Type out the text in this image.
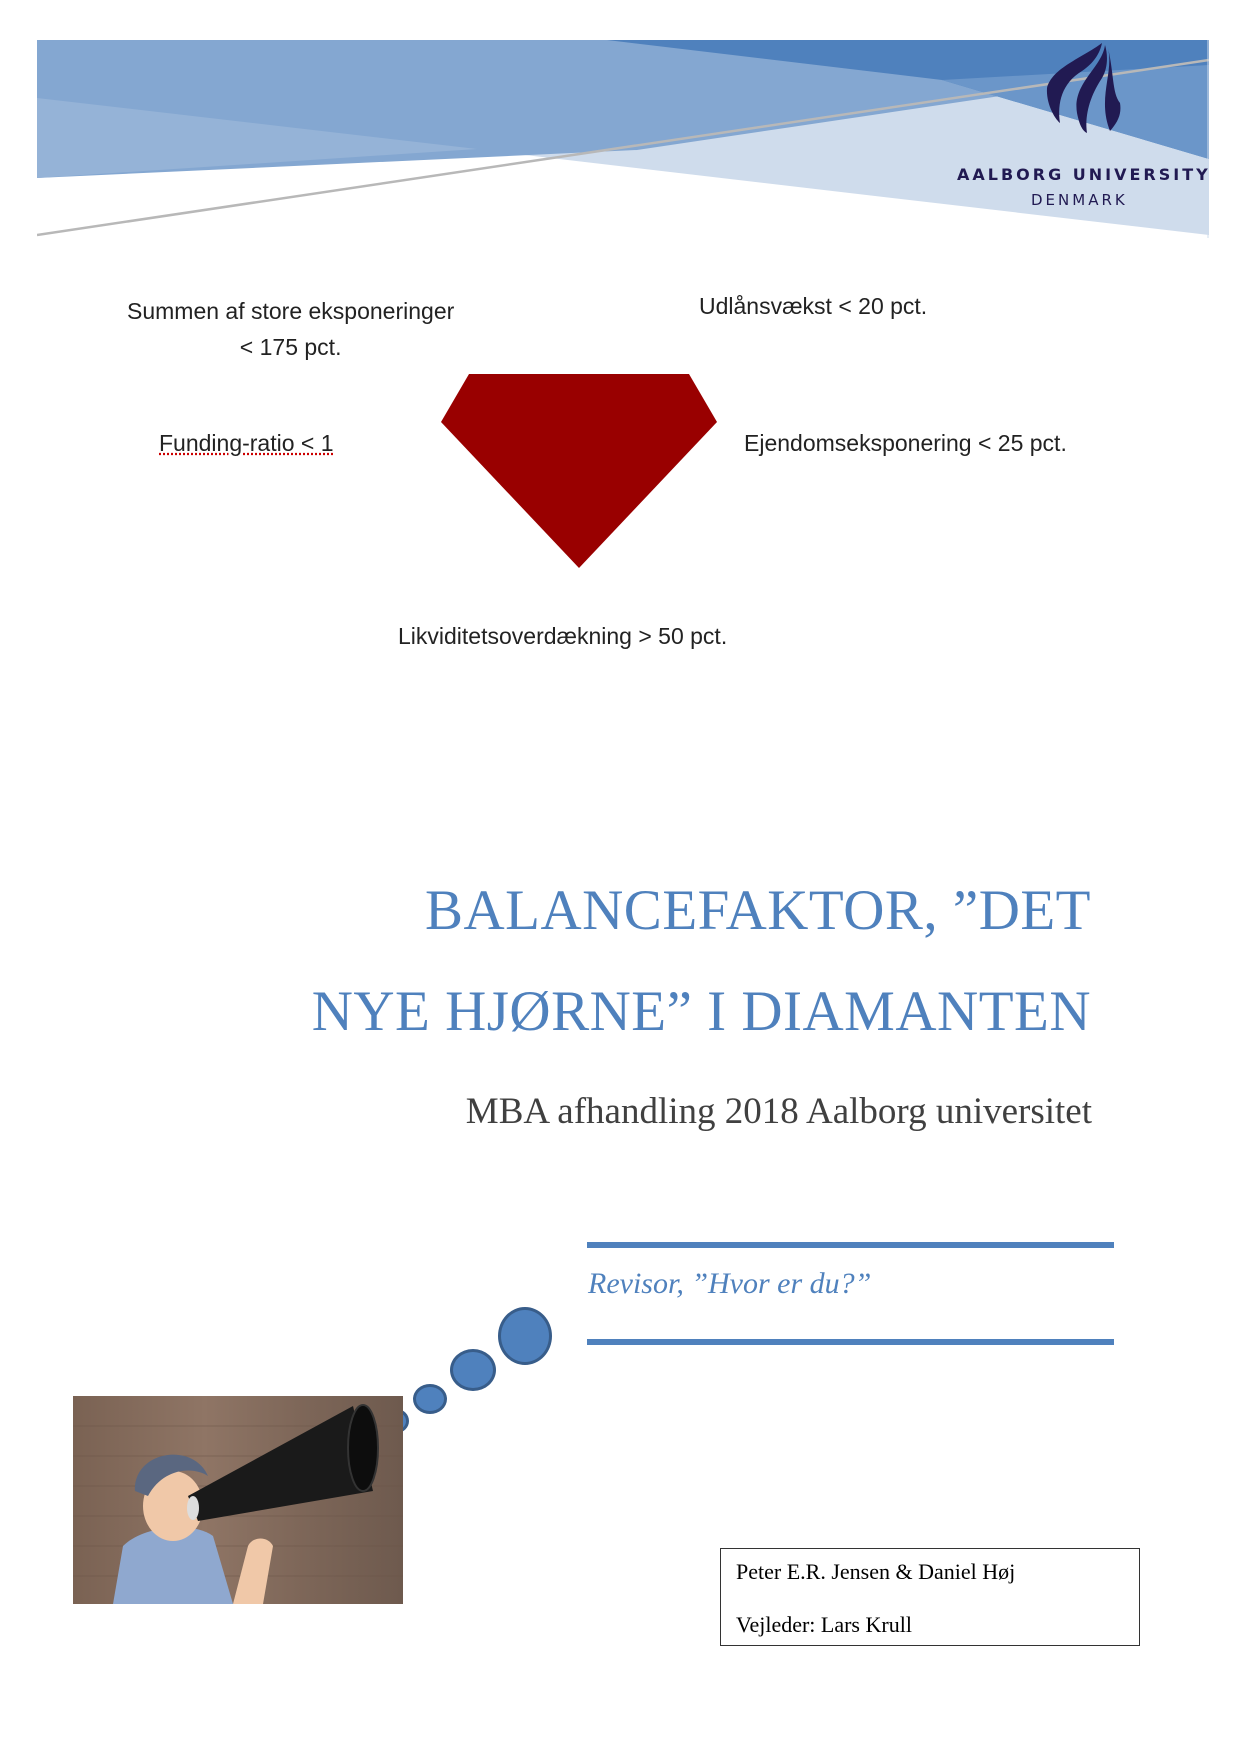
AALBORG UNIVERSITY
DENMARK
Summen af store eksponeringer
< 175 pct.
Udlånsvækst < 20 pct.
Funding-ratio < 1	Ejendomseksponering < 25 pct.
Likviditetsoverdækning > 50 pct.
BALANCEFAKTOR, ”DET
NYE HJØRNE” I DIAMANTEN
MBA afhandling 2018 Aalborg universitet
Revisor, ”Hvor er du?”
Peter E.R. Jensen & Daniel Høj
Vejleder: Lars Krull
